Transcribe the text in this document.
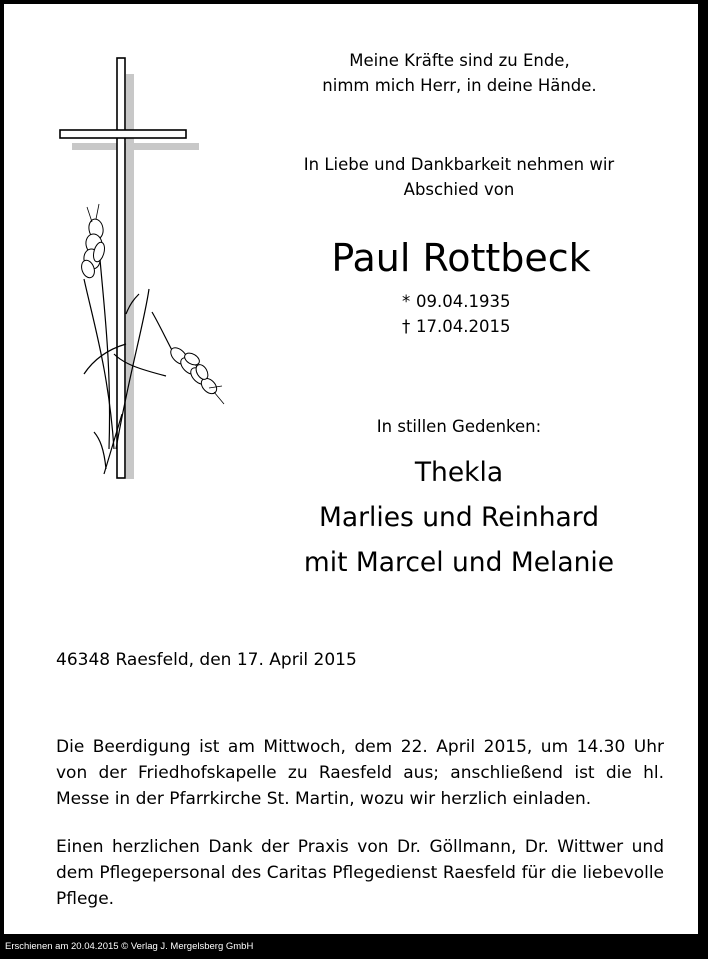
Meine Kräfte sind zu Ende,
nimm mich Herr, in deine Hände.
In Liebe und Dankbarkeit nehmen wir
Abschied von
Paul Rottbeck
* 09.04.1935
† 17.04.2015
In stillen Gedenken:
Thekla
Marlies und Reinhard
mit Marcel und Melanie
46348 Raesfeld, den 17. April 2015
Die Beerdigung ist am Mittwoch, dem 22. April 2015, um 14.30 Uhr von der Friedhofskapelle zu Raesfeld aus; anschließend ist die hl. Messe in der Pfarrkirche St. Martin, wozu wir herzlich einladen.
Einen herzlichen Dank der Praxis von Dr. Göllmann, Dr. Wittwer und dem Pflegepersonal des Caritas Pflegedienst Raesfeld für die liebevolle Pflege.
Erschienen am 20.04.2015 © Verlag J. Mergelsberg GmbH
